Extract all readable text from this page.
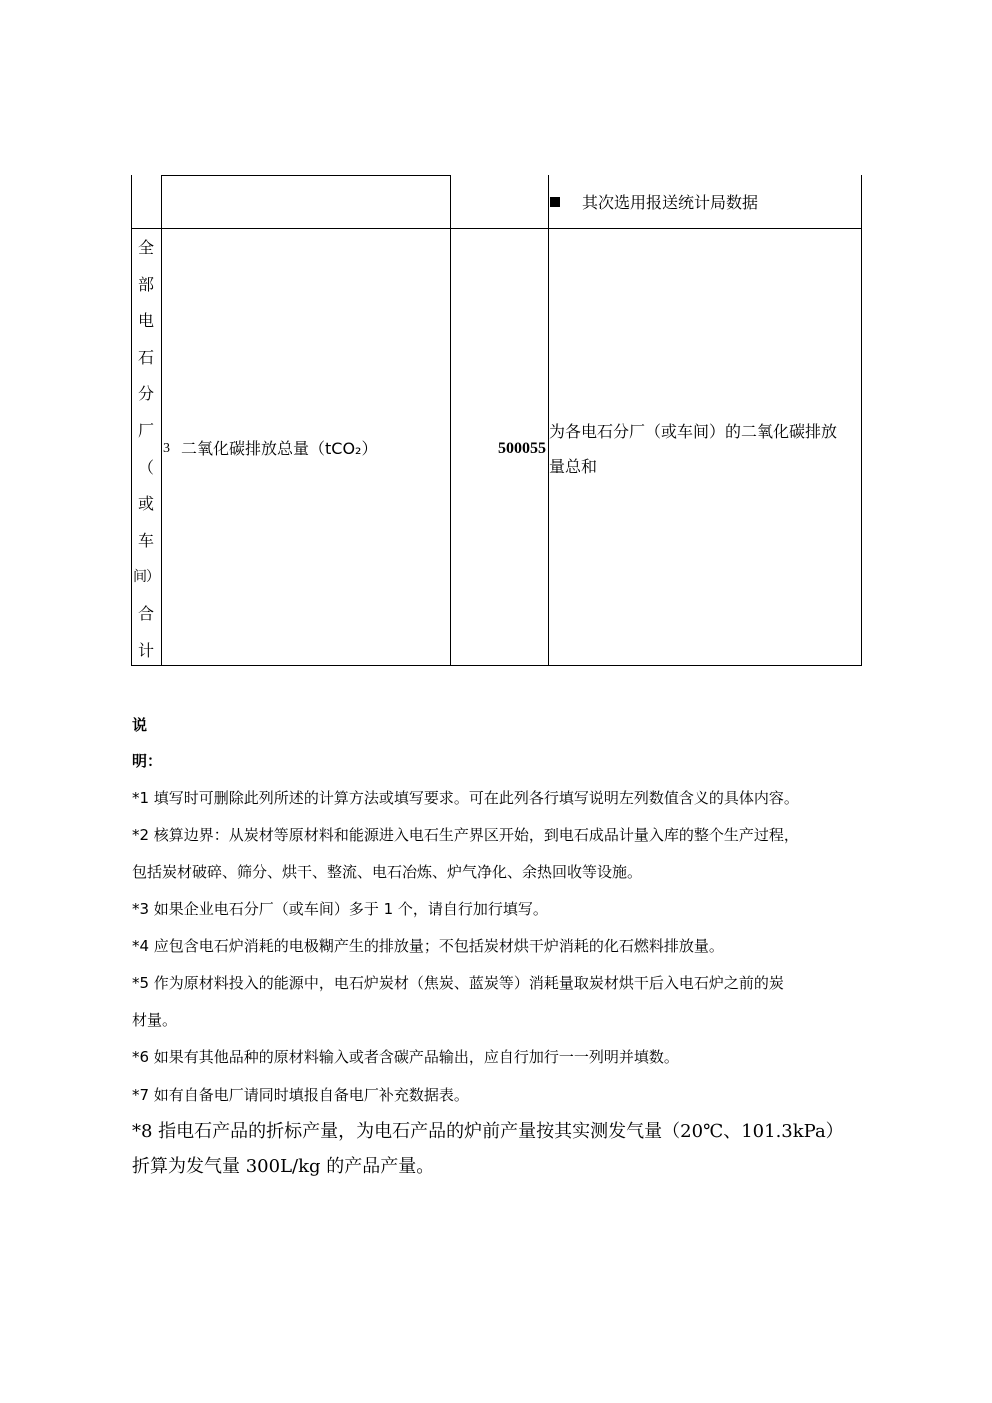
其次选用报送统计局数据
全
部
电
石
分
厂
（
或
车
间）
合
计
3 二氧化碳排放总量（tCO₂）	500055
为各电石分厂（或车间）的二氧化碳排放
量总和
说
明：
*1 填写时可删除此列所述的计算方法或填写要求。可在此列各行填写说明左列数值含义的具体内容。
*2 核算边界：从炭材等原材料和能源进入电石生产界区开始，到电石成品计量入库的整个生产过程，
包括炭材破碎、筛分、烘干、整流、电石冶炼、炉气净化、余热回收等设施。
*3 如果企业电石分厂（或车间）多于 1 个，请自行加行填写。
*4 应包含电石炉消耗的电极糊产生的排放量；不包括炭材烘干炉消耗的化石燃料排放量。
*5 作为原材料投入的能源中，电石炉炭材（焦炭、蓝炭等）消耗量取炭材烘干后入电石炉之前的炭
材量。
*6 如果有其他品种的原材料输入或者含碳产品输出，应自行加行一一列明并填数。
*7 如有自备电厂请同时填报自备电厂补充数据表。
*8 指电石产品的折标产量，为电石产品的炉前产量按其实测发气量（20℃、101.3kPa）
折算为发气量 300L/kg 的产品产量。
